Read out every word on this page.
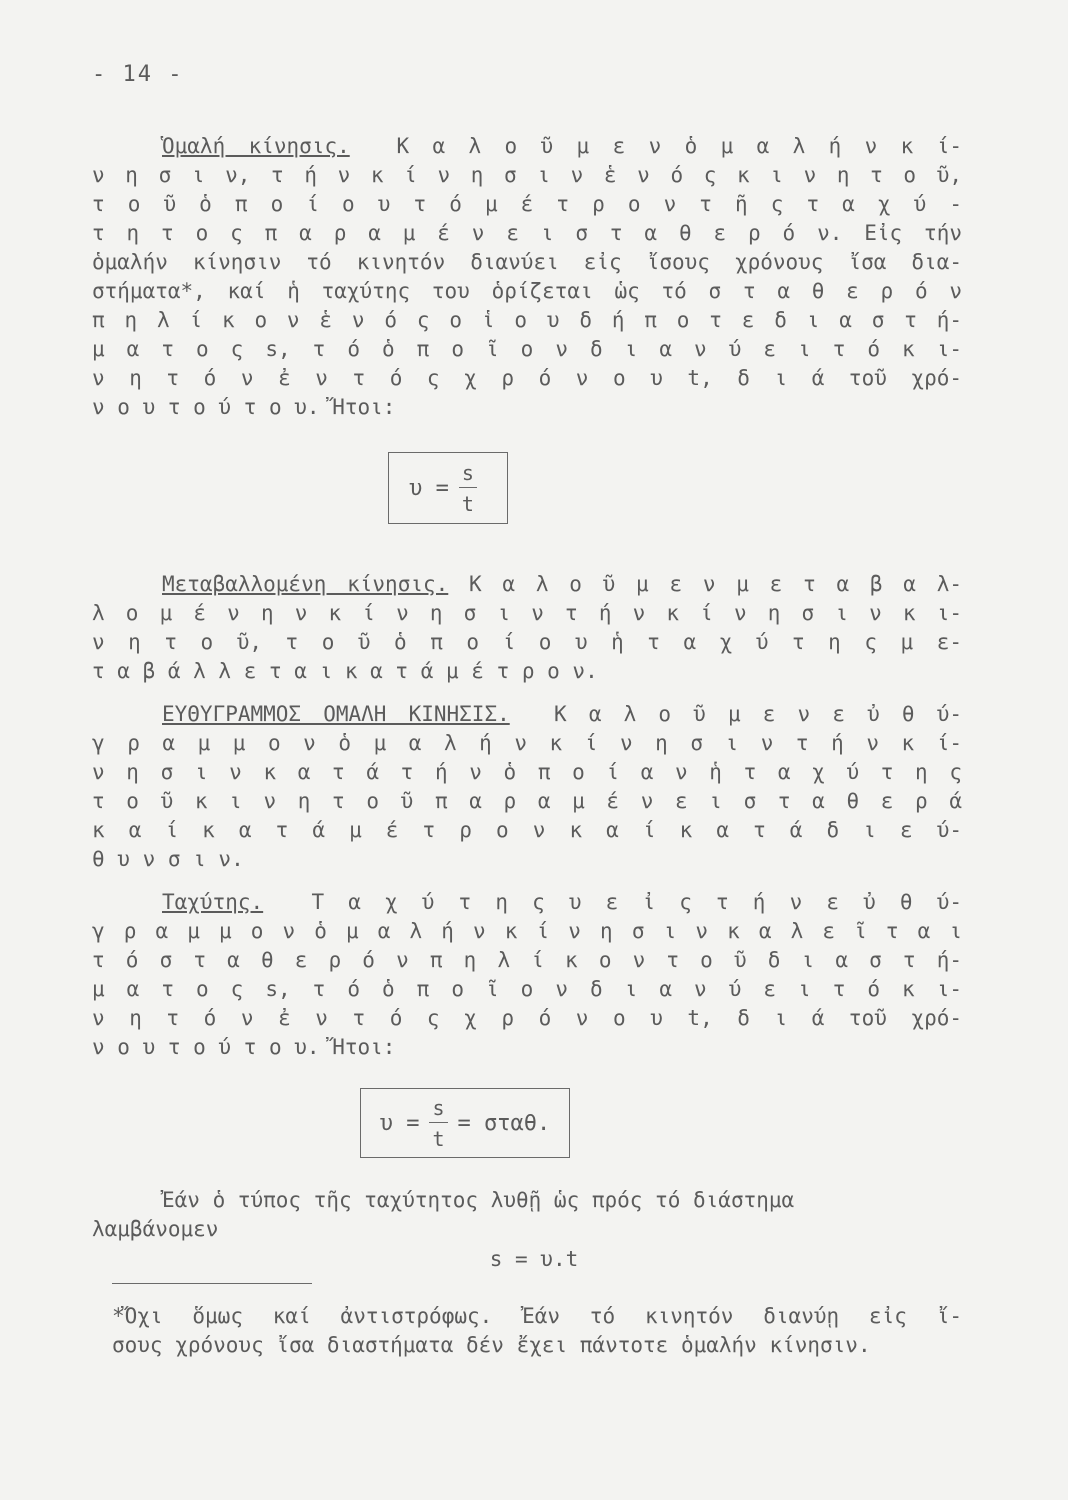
- 14 -
Ὁμαλή κίνησις. Κ α λ ο ῦ μ ε ν ὁ μ α λ ή ν κ ί-
ν η σ ι ν, τ ή ν κ ί ν η σ ι ν ἑ ν ό ς κ ι ν η τ ο ῦ,
τ ο ῦ ὁ π ο ί ο υ τ ό μ έ τ ρ ο ν τ ῆ ς τ α χ ύ -
τ η τ ο ς π α ρ α μ έ ν ε ι σ τ α θ ε ρ ό ν. Εἰς τήν
ὁμαλήν κίνησιν τό κινητόν διανύει εἰς ἴσους χρόνους ἴσα δια-
στήματα*, καί ἡ ταχύτης του ὁρίζεται ὡς τό σ τ α θ ε ρ ό ν
π η λ ί κ ο ν ἑ ν ό ς ο ἱ ο υ δ ή π ο τ ε δ ι α σ τ ή-
μ α τ ο ς s, τ ό ὁ π ο ῖ ο ν δ ι α ν ύ ε ι τ ό κ ι-
ν η τ ό ν ἐ ν τ ό ς χ ρ ό ν ο υ t, δ ι ά τοῦ χρό-
ν ο υ τ ο ύ τ ο υ. Ἤτοι:
$\upsilon = \frac{s}{t}$
Μεταβαλλομένη κίνησις. Κ α λ ο ῦ μ ε ν μ ε τ α β α λ-
λ ο μ έ ν η ν κ ί ν η σ ι ν τ ή ν κ ί ν η σ ι ν κ ι-
ν η τ ο ῦ, τ ο ῦ ὁ π ο ί ο υ ἡ τ α χ ύ τ η ς μ ε-
τ α β ά λ λ ε τ α ι κ α τ ά μ έ τ ρ ο ν.
ΕΥΘΥΓΡΑΜΜΟΣ ΟΜΑΛΗ ΚΙΝΗΣΙΣ. Κ α λ ο ῦ μ ε ν ε ὐ θ ύ-
γ ρ α μ μ ο ν ὁ μ α λ ή ν κ ί ν η σ ι ν τ ή ν κ ί-
ν η σ ι ν κ α τ ά τ ή ν ὁ π ο ί α ν ἡ τ α χ ύ τ η ς
τ ο ῦ κ ι ν η τ ο ῦ π α ρ α μ έ ν ε ι σ τ α θ ε ρ ά
κ α ί κ α τ ά μ έ τ ρ ο ν κ α ί κ α τ ά δ ι ε ύ-
θ υ ν σ ι ν.
Ταχύτης. Τ α χ ύ τ η ς υ ε ἰ ς τ ή ν ε ὐ θ ύ-
γ ρ α μ μ ο ν ὁ μ α λ ή ν κ ί ν η σ ι ν κ α λ ε ῖ τ α ι
τ ό σ τ α θ ε ρ ό ν π η λ ί κ ο ν τ ο ῦ δ ι α σ τ ή-
μ α τ ο ς s, τ ό ὁ π ο ῖ ο ν δ ι α ν ύ ε ι τ ό κ ι-
ν η τ ό ν ἐ ν τ ό ς χ ρ ό ν ο υ t, δ ι ά τοῦ χρό-
ν ο υ τ ο ύ τ ο υ. Ἤτοι:
$\upsilon = \frac{s}{t} = \sigma\tau\alpha\theta$.
Ἐάν ὁ τύπος τῆς ταχύτητος λυθῇ ὡς πρός τό διάστημα
λαμβάνομεν
s = υ.t
*Ὄχι ὅμως καί ἀντιστρόφως. Ἐάν τό κινητόν διανύῃ εἰς ἴ-
σους χρόνους ἴσα διαστήματα δέν ἔχει πάντοτε ὁμαλήν κίνησιν.
